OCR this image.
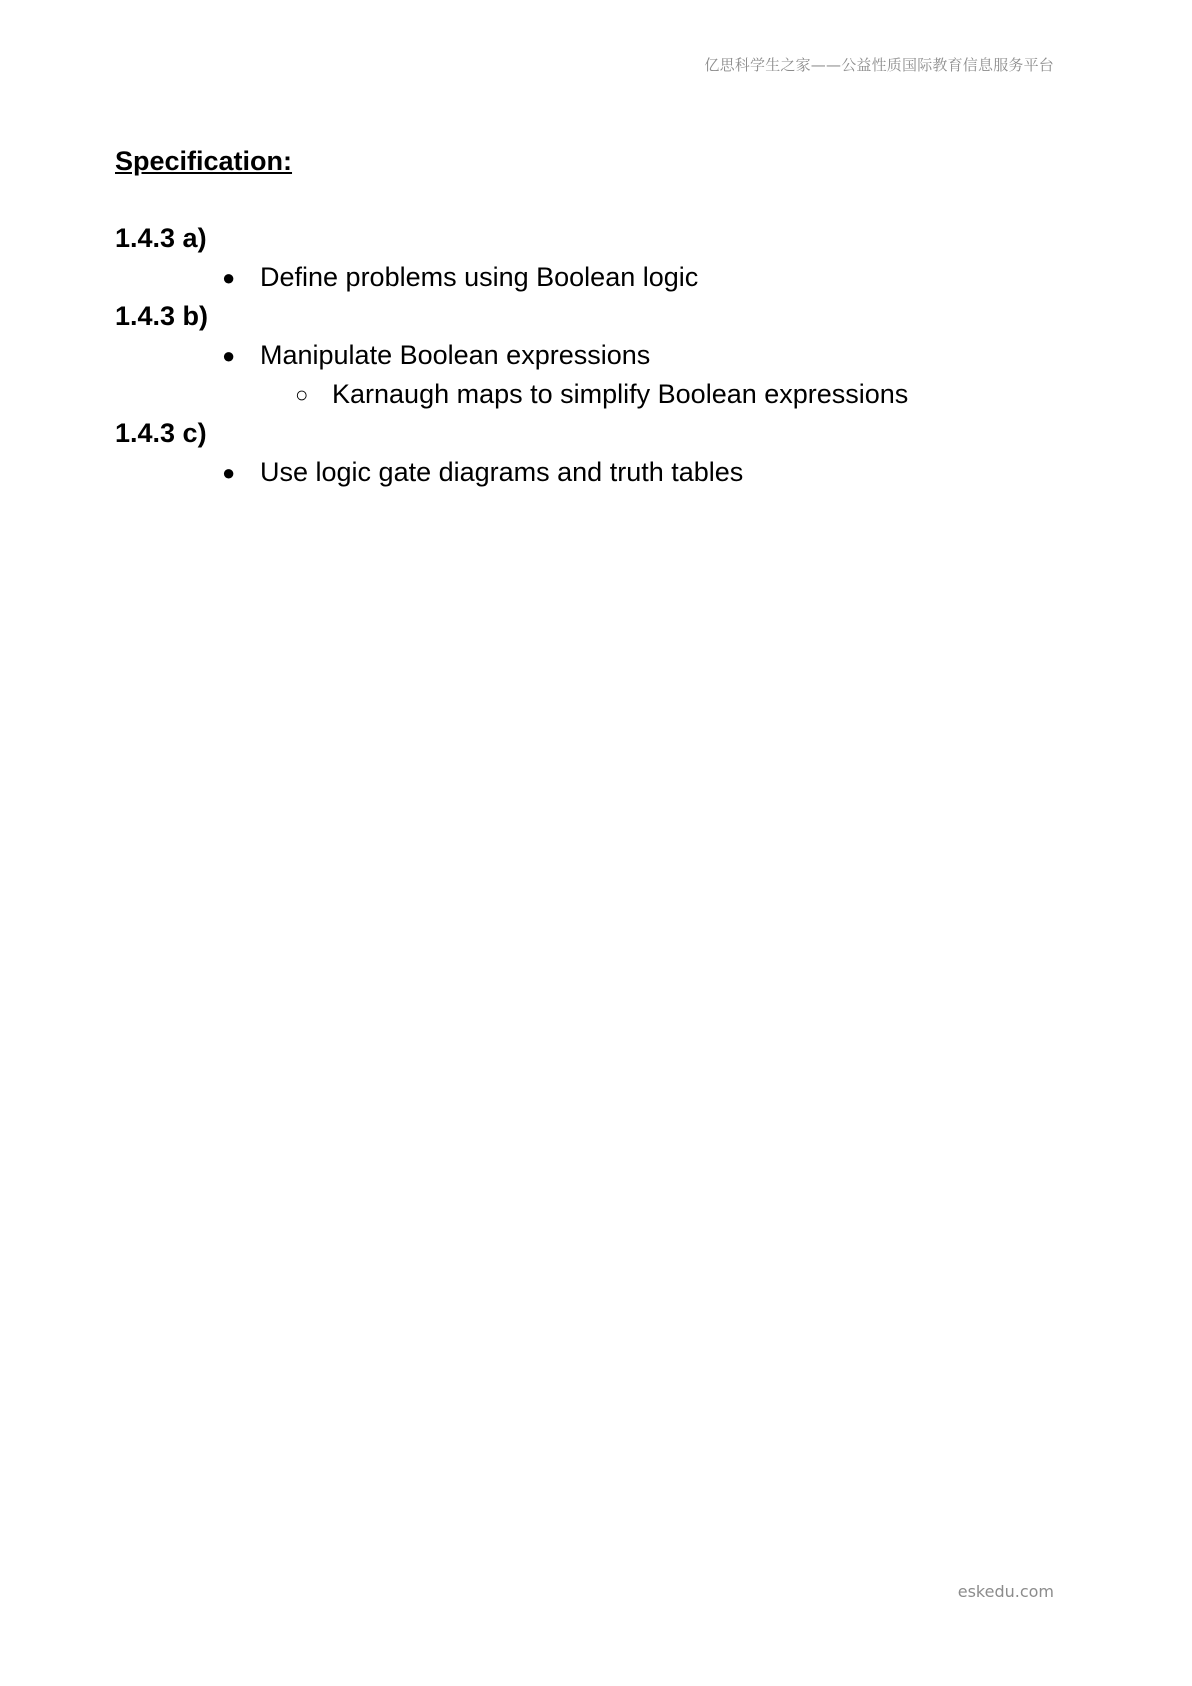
亿思科学生之家——公益性质国际教育信息服务平台
Specification:
1.4.3 a)
● Define problems using Boolean logic
1.4.3 b)
● Manipulate Boolean expressions
○ Karnaugh maps to simplify Boolean expressions
1.4.3 c)
● Use logic gate diagrams and truth tables
eskedu.com
